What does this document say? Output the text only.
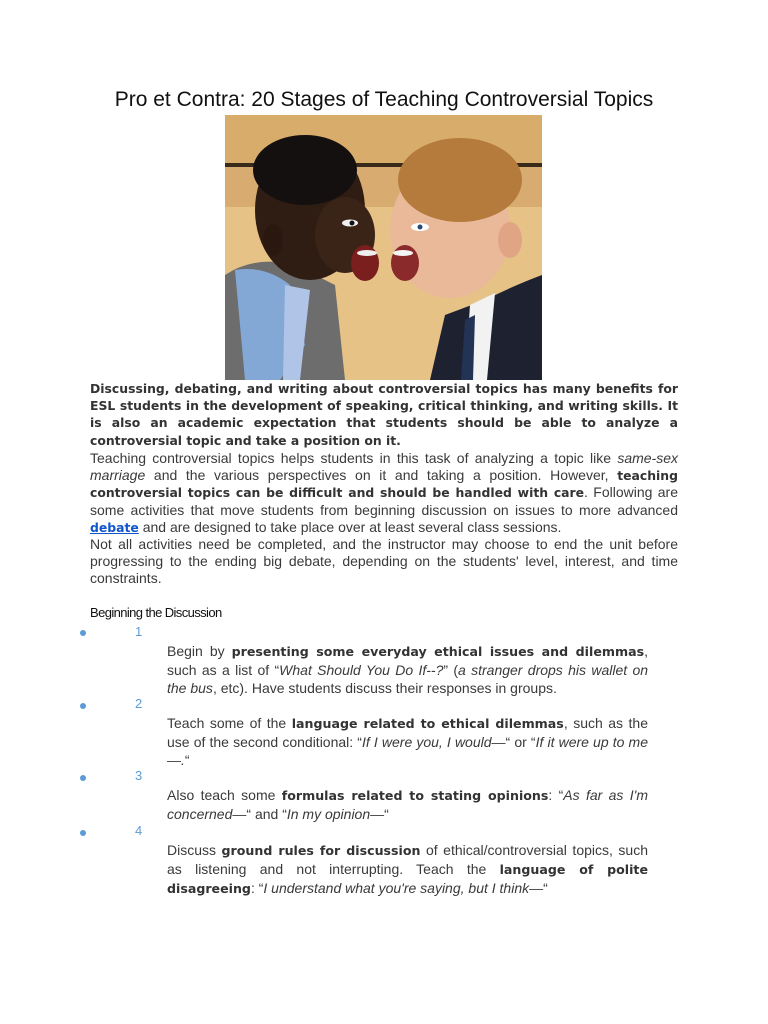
Pro et Contra: 20 Stages of Teaching Controversial Topics
Discussing, debating, and writing about controversial topics has many benefits for ESL students in the development of speaking, critical thinking, and writing skills. It is also an academic expectation that students should be able to analyze a controversial topic and take a position on it.
Teaching controversial topics helps students in this task of analyzing a topic like same-sex marriage and the various perspectives on it and taking a position. However, teaching controversial topics can be difficult and should be handled with care. Following are some activities that move students from beginning discussion on issues to more advanced debate and are designed to take place over at least several class sessions.
Not all activities need be completed, and the instructor may choose to end the unit before progressing to the ending big debate, depending on the students' level, interest, and time constraints.
Beginning the Discussion
1
Begin by presenting some everyday ethical issues and dilemmas, such as a list of “What Should You Do If--?” (a stranger drops his wallet on the bus, etc). Have students discuss their responses in groups.
2
Teach some of the language related to ethical dilemmas, such as the use of the second conditional: “If I were you, I would—“ or “If it were up to me—.“
3
Also teach some formulas related to stating opinions: “As far as I'm concerned—“ and “In my opinion—“
4
Discuss ground rules for discussion of ethical/controversial topics, such as listening and not interrupting. Teach the language of polite disagreeing: “I understand what you're saying, but I think—“
